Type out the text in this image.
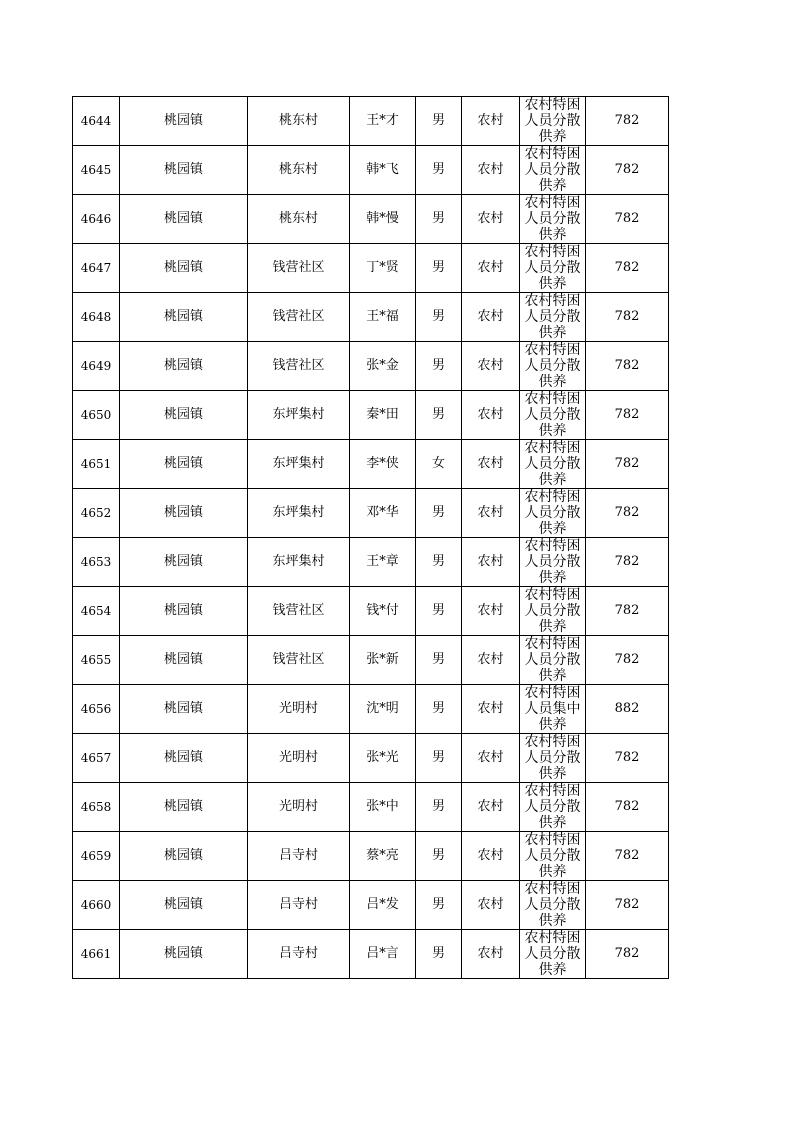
4644	桃园镇	桃东村	王*才	男	农村	农村特困人员分散供养	782
4645	桃园镇	桃东村	韩*飞	男	农村	农村特困人员分散供养	782
4646	桃园镇	桃东村	韩*慢	男	农村	农村特困人员分散供养	782
4647	桃园镇	钱营社区	丁*贤	男	农村	农村特困人员分散供养	782
4648	桃园镇	钱营社区	王*福	男	农村	农村特困人员分散供养	782
4649	桃园镇	钱营社区	张*金	男	农村	农村特困人员分散供养	782
4650	桃园镇	东坪集村	秦*田	男	农村	农村特困人员分散供养	782
4651	桃园镇	东坪集村	李*侠	女	农村	农村特困人员分散供养	782
4652	桃园镇	东坪集村	邓*华	男	农村	农村特困人员分散供养	782
4653	桃园镇	东坪集村	王*章	男	农村	农村特困人员分散供养	782
4654	桃园镇	钱营社区	钱*付	男	农村	农村特困人员分散供养	782
4655	桃园镇	钱营社区	张*新	男	农村	农村特困人员分散供养	782
4656	桃园镇	光明村	沈*明	男	农村	农村特困人员集中供养	882
4657	桃园镇	光明村	张*光	男	农村	农村特困人员分散供养	782
4658	桃园镇	光明村	张*中	男	农村	农村特困人员分散供养	782
4659	桃园镇	吕寺村	蔡*亮	男	农村	农村特困人员分散供养	782
4660	桃园镇	吕寺村	吕*发	男	农村	农村特困人员分散供养	782
4661	桃园镇	吕寺村	吕*言	男	农村	农村特困人员分散供养	782
